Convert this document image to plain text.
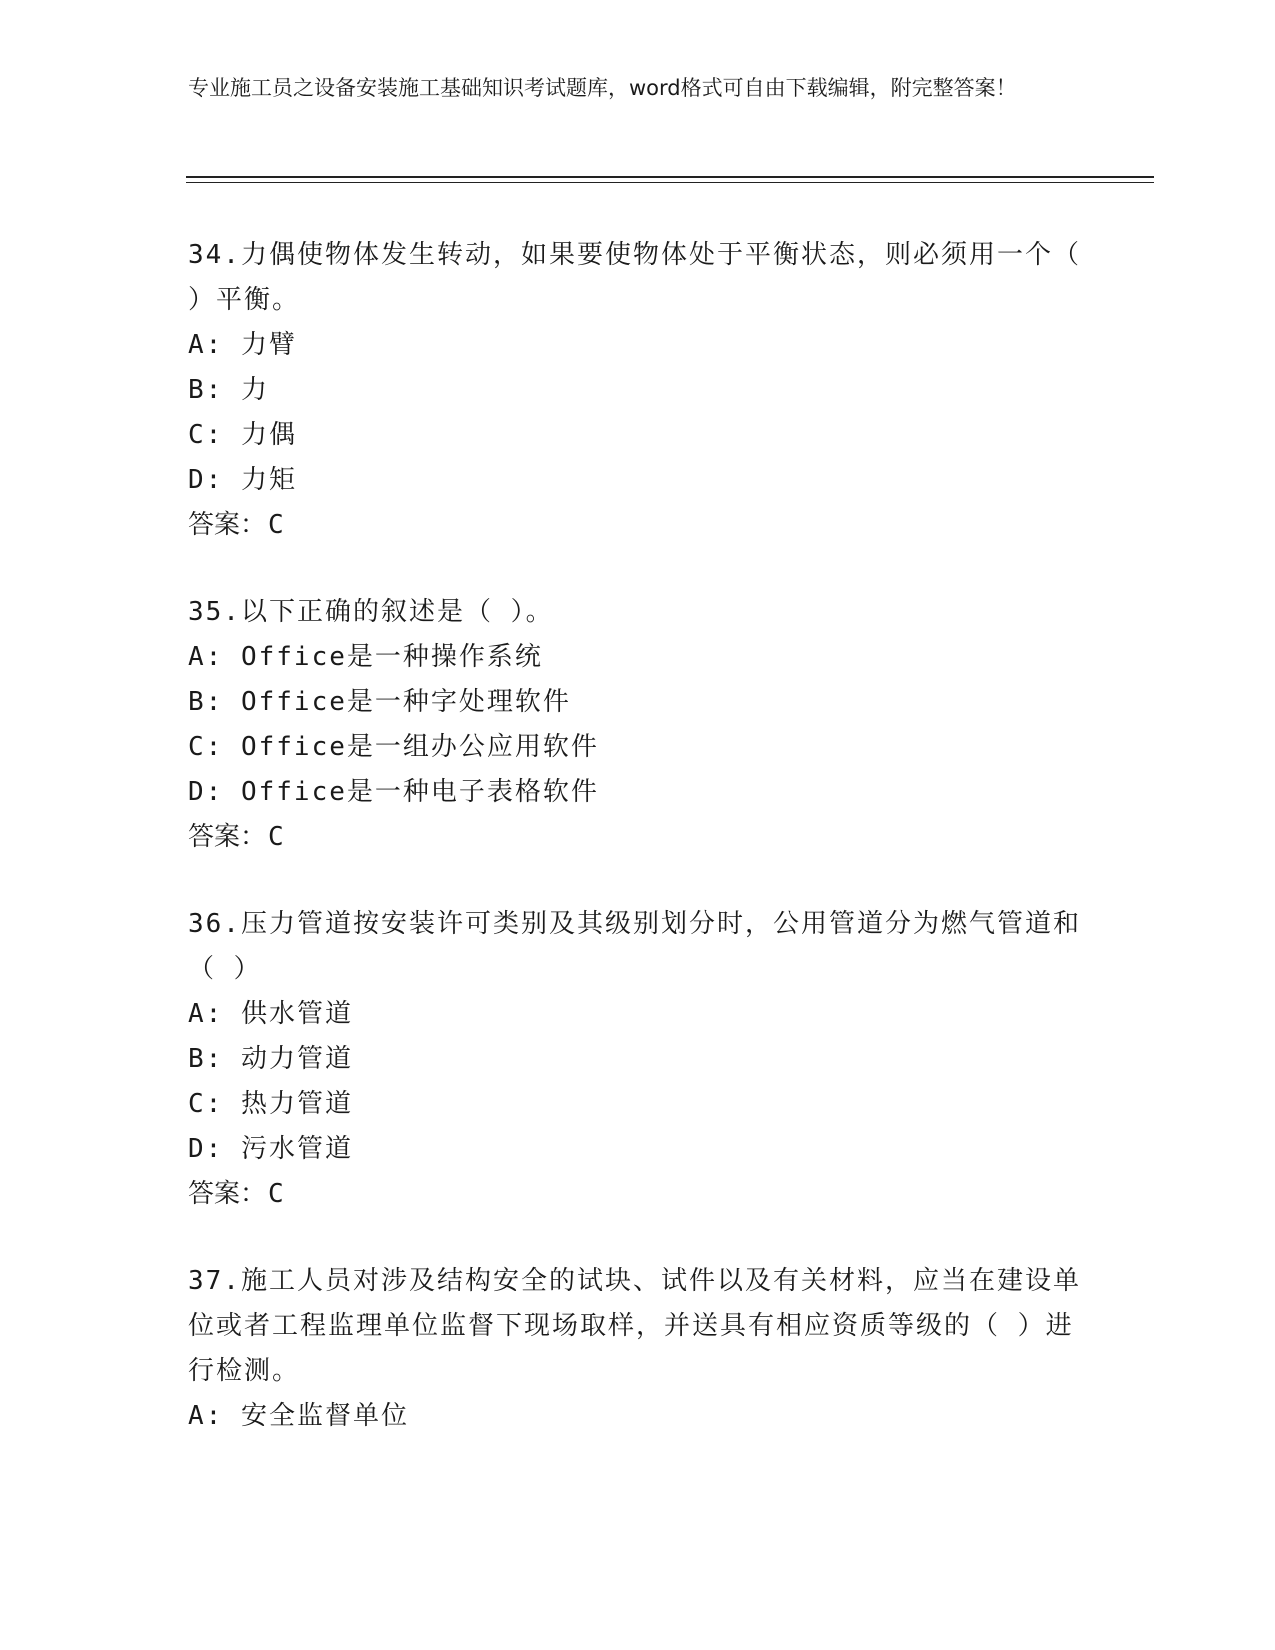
专业施工员之设备安装施工基础知识考试题库，word格式可自由下载编辑，附完整答案！
34.力偶使物体发生转动，如果要使物体处于平衡状态，则必须用一个（ ）平衡。
A: 力臂
B: 力
C: 力偶
D: 力矩
答案：C
35.以下正确的叙述是（ ）。
A: Office是一种操作系统
B: Office是一种字处理软件
C: Office是一组办公应用软件
D: Office是一种电子表格软件
答案：C
36.压力管道按安装许可类别及其级别划分时，公用管道分为燃气管道和（ ）
A: 供水管道
B: 动力管道
C: 热力管道
D: 污水管道
答案：C
37.施工人员对涉及结构安全的试块、试件以及有关材料，应当在建设单位或者工程监理单位监督下现场取样，并送具有相应资质等级的（ ）进行检测。
A: 安全监督单位
